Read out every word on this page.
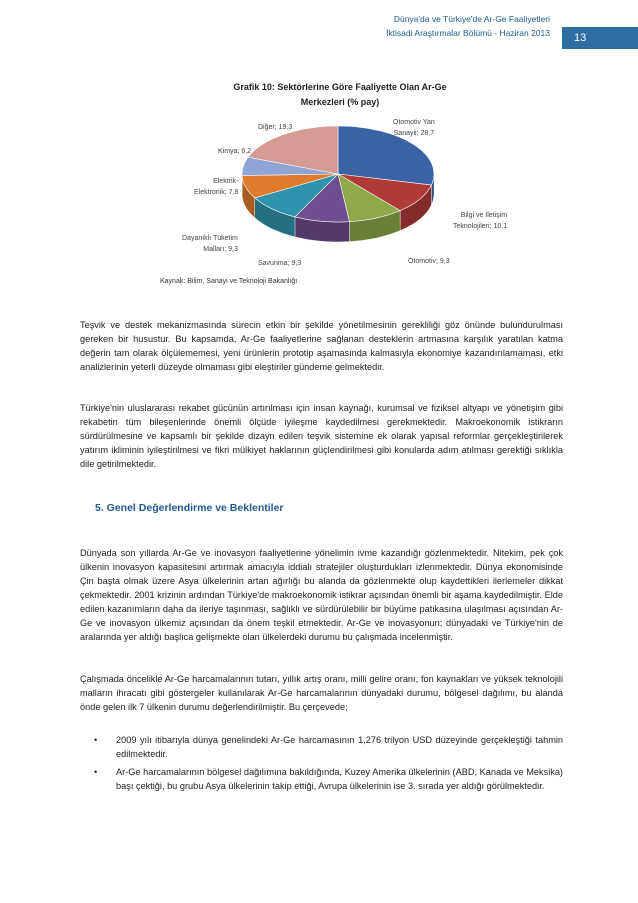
Dünya'da ve Türkiye'de Ar-Ge Faaliyetleri
İktisadi Araştırmalar Bölümü - Haziran 2013	13
Grafik 10: Sektörlerine Göre Faaliyette Olan Ar-Ge
Merkezleri (% pay)
Otomotiv Yan
Sanayii; 28,7
Bilgi ve İletişim
Teknolojileri; 10,1
Otomotiv; 9,3
Savunma; 9,3
Dayanıklı Tüketim
Malları; 9,3
Elektrik-
Elektronik; 7,8
Kimya; 6,2
Diğer; 19,3
Kaynak: Bilim, Sanayi ve Teknoloji Bakanlığı
Teşvik ve destek mekanizmasında sürecin etkin bir şekilde yönetilmesinin gerekliliği göz önünde bulundurulması gereken bir husustur. Bu kapsamda, Ar-Ge faaliyetlerine sağlanan desteklerin artmasına karşılık yaratılan katma değerin tam olarak ölçülememesi, yeni ürünlerin prototip aşamasında kalmasıyla ekonomiye kazandırılamaması, etki analizlerinin yeterli düzeyde olmaması gibi eleştiriler gündeme gelmektedir.
Türkiye'nin uluslararası rekabet gücünün artırılması için insan kaynağı, kurumsal ve fiziksel altyapı ve yönetişim gibi rekabetin tüm bileşenlerinde önemli ölçüde iyileşme kaydedilmesi gerekmektedir. Makroekonomik istikrarın sürdürülmesine ve kapsamlı bir şekilde dizayn edilen teşvik sistemine ek olarak yapısal reformlar gerçekleştirilerek yatırım ikliminin iyileştirilmesi ve fikri mülkiyet haklarının güçlendirilmesi gibi konularda adım atılması gerektiği sıklıkla dile getirilmektedir.
5. Genel Değerlendirme ve Beklentiler
Dünyada son yıllarda Ar-Ge ve inovasyon faaliyetlerine yönelimin ivme kazandığı gözlenmektedir. Nitekim, pek çok ülkenin inovasyon kapasitesini artırmak amacıyla iddialı stratejiler oluşturdukları izlenmektedir. Dünya ekonomisinde Çin başta olmak üzere Asya ülkelerinin artan ağırlığı bu alanda da gözlenmekte olup kaydettikleri ilerlemeler dikkat çekmektedir. 2001 krizinin ardından Türkiye'de makroekonomik istikrar açısından önemli bir aşama kaydedilmiştir. Elde edilen kazanımların daha da ileriye taşınması, sağlıklı ve sürdürülebilir bir büyüme patikasına ulaşılması açısından Ar-Ge ve inovasyon ülkemiz açısından da önem teşkil etmektedir. Ar-Ge ve inovasyonun; dünyadaki ve Türkiye'nin de aralarında yer aldığı başlıca gelişmekte olan ülkelerdeki durumu bu çalışmada incelenmiştir.
Çalışmada öncelikle Ar-Ge harcamalarının tutarı, yıllık artış oranı, milli gelire oranı, fon kaynakları ve yüksek teknolojili malların ihracatı gibi göstergeler kullanılarak Ar-Ge harcamalarının dünyadaki durumu, bölgesel dağılımı, bu alanda önde gelen ilk 7 ülkenin durumu değerlendirilmiştir. Bu çerçevede;
• 2009 yılı itibarıyla dünya genelindeki Ar-Ge harcamasının 1,276 trilyon USD düzeyinde gerçekleştiği tahmin edilmektedir.
• Ar-Ge harcamalarının bölgesel dağılımına bakıldığında, Kuzey Amerika ülkelerinin (ABD, Kanada ve Meksika) başı çektiği, bu grubu Asya ülkelerinin takip ettiği, Avrupa ülkelerinin ise 3. sırada yer aldığı görülmektedir.
